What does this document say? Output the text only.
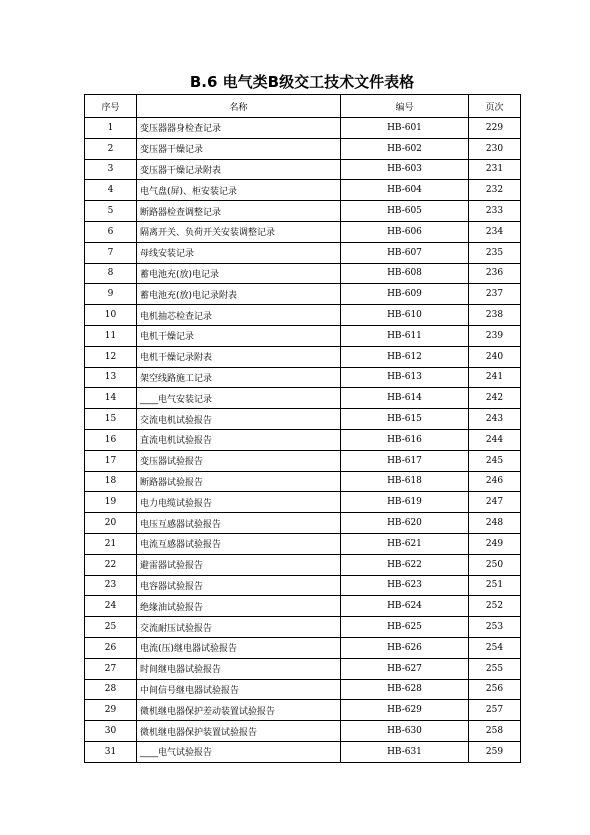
B.6 电气类B级交工技术文件表格
序号	名称	编号	页次
1	变压器器身检查记录	HB-601	229
2	变压器干燥记录	HB-602	230
3	变压器干燥记录附表	HB-603	231
4	电气盘(屏)、柜安装记录	HB-604	232
5	断路器检查调整记录	HB-605	233
6	隔离开关、负荷开关安装调整记录	HB-606	234
7	母线安装记录	HB-607	235
8	蓄电池充(放)电记录	HB-608	236
9	蓄电池充(放)电记录附表	HB-609	237
10	电机抽芯检查记录	HB-610	238
11	电机干燥记录	HB-611	239
12	电机干燥记录附表	HB-612	240
13	架空线路施工记录	HB-613	241
14	____电气安装记录	HB-614	242
15	交流电机试验报告	HB-615	243
16	直流电机试验报告	HB-616	244
17	变压器试验报告	HB-617	245
18	断路器试验报告	HB-618	246
19	电力电缆试验报告	HB-619	247
20	电压互感器试验报告	HB-620	248
21	电流互感器试验报告	HB-621	249
22	避雷器试验报告	HB-622	250
23	电容器试验报告	HB-623	251
24	绝缘油试验报告	HB-624	252
25	交流耐压试验报告	HB-625	253
26	电流(压)继电器试验报告	HB-626	254
27	时间继电器试验报告	HB-627	255
28	中间信号继电器试验报告	HB-628	256
29	微机继电器保护差动装置试验报告	HB-629	257
30	微机继电器保护装置试验报告	HB-630	258
31	____电气试验报告	HB-631	259
